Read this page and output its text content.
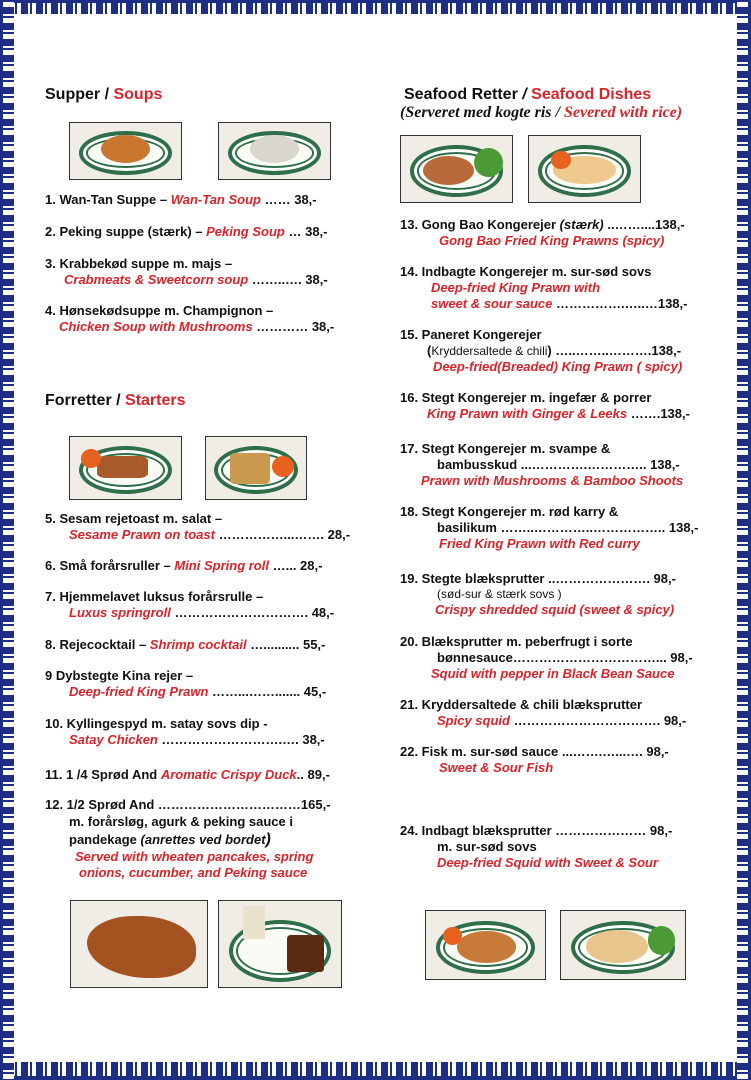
Supper / Soups
1. Wan-Tan Suppe – Wan-Tan Soup …… 38,-
2. Peking suppe (stærk) – Peking Soup … 38,-
3. Krabbekød suppe m. majs –
Crabmeats & Sweetcorn soup ……..…. 38,-
4. Hønsekødsuppe m. Champignon –
Chicken Soup with Mushrooms ………… 38,-
Forretter / Starters
5. Sesam rejetoast m. salat –
Sesame Prawn on toast ……………...……. 28,-
6. Små forårsruller – Mini Spring roll …... 28,-
7. Hjemmelavet luksus forårsrulle –
Luxus springroll …………………………. 48,-
8. Rejecocktail – Shrimp cocktail ….......... 55,-
9 Dybstegte Kina rejer –
Deep-fried King Prawn ……...……....... 45,-
10. Kyllingespyd m. satay sovs dip -
Satay Chicken ……………………….…. 38,-
11. 1 /4 Sprød And Aromatic Crispy Duck.. 89,-
12. 1/2 Sprød And ……………………………165,-
m. forårsløg, agurk & peking sauce i
pandekage (anrettes ved bordet)
Served with wheaten pancakes, spring
onions, cucumber, and Peking sauce
Seafood Retter / Seafood Dishes
(Serveret med kogte ris / Severed with rice)
13. Gong Bao Kongerejer (stærk) ..……....138,-
Gong Bao Fried King Prawns (spicy)
14. Indbagte Kongerejer m. sur-sød sovs
Deep-fried King Prawn with
sweet & sour sauce …………….…..…138,-
15. Paneret Kongerejer
(Kryddersaltede & chili) …..……..……….138,-
Deep-fried(Breaded) King Prawn ( spicy)
16. Stegt Kongerejer m. ingefær & porrer
King Prawn with Ginger & Leeks …….138,-
17. Stegt Kongerejer m. svampe &
bambusskud ...………….………….. 138,-
Prawn with Mushrooms & Bamboo Shoots
18. Stegt Kongerejer m. rød karry &
basilikum ……..…………..…………….. 138,-
Fried King Prawn with Red curry
19. Stegte blæksprutter ..…………………. 98,-
(sød-sur & stærk sovs )
Crispy shredded squid (sweet & spicy)
20. Blæksprutter m. peberfrugt i sorte
bønnesauce……………………………... 98,-
Squid with pepper in Black Bean Sauce
21. Kryddersaltede & chili blæksprutter
Spicy squid ……………………………. 98,-
22. Fisk m. sur-sød sauce ...…….…...…. 98,-
Sweet & Sour Fish
24. Indbagt blæksprutter ………………… 98,-
m. sur-sød sovs
Deep-fried Squid with Sweet & Sour
